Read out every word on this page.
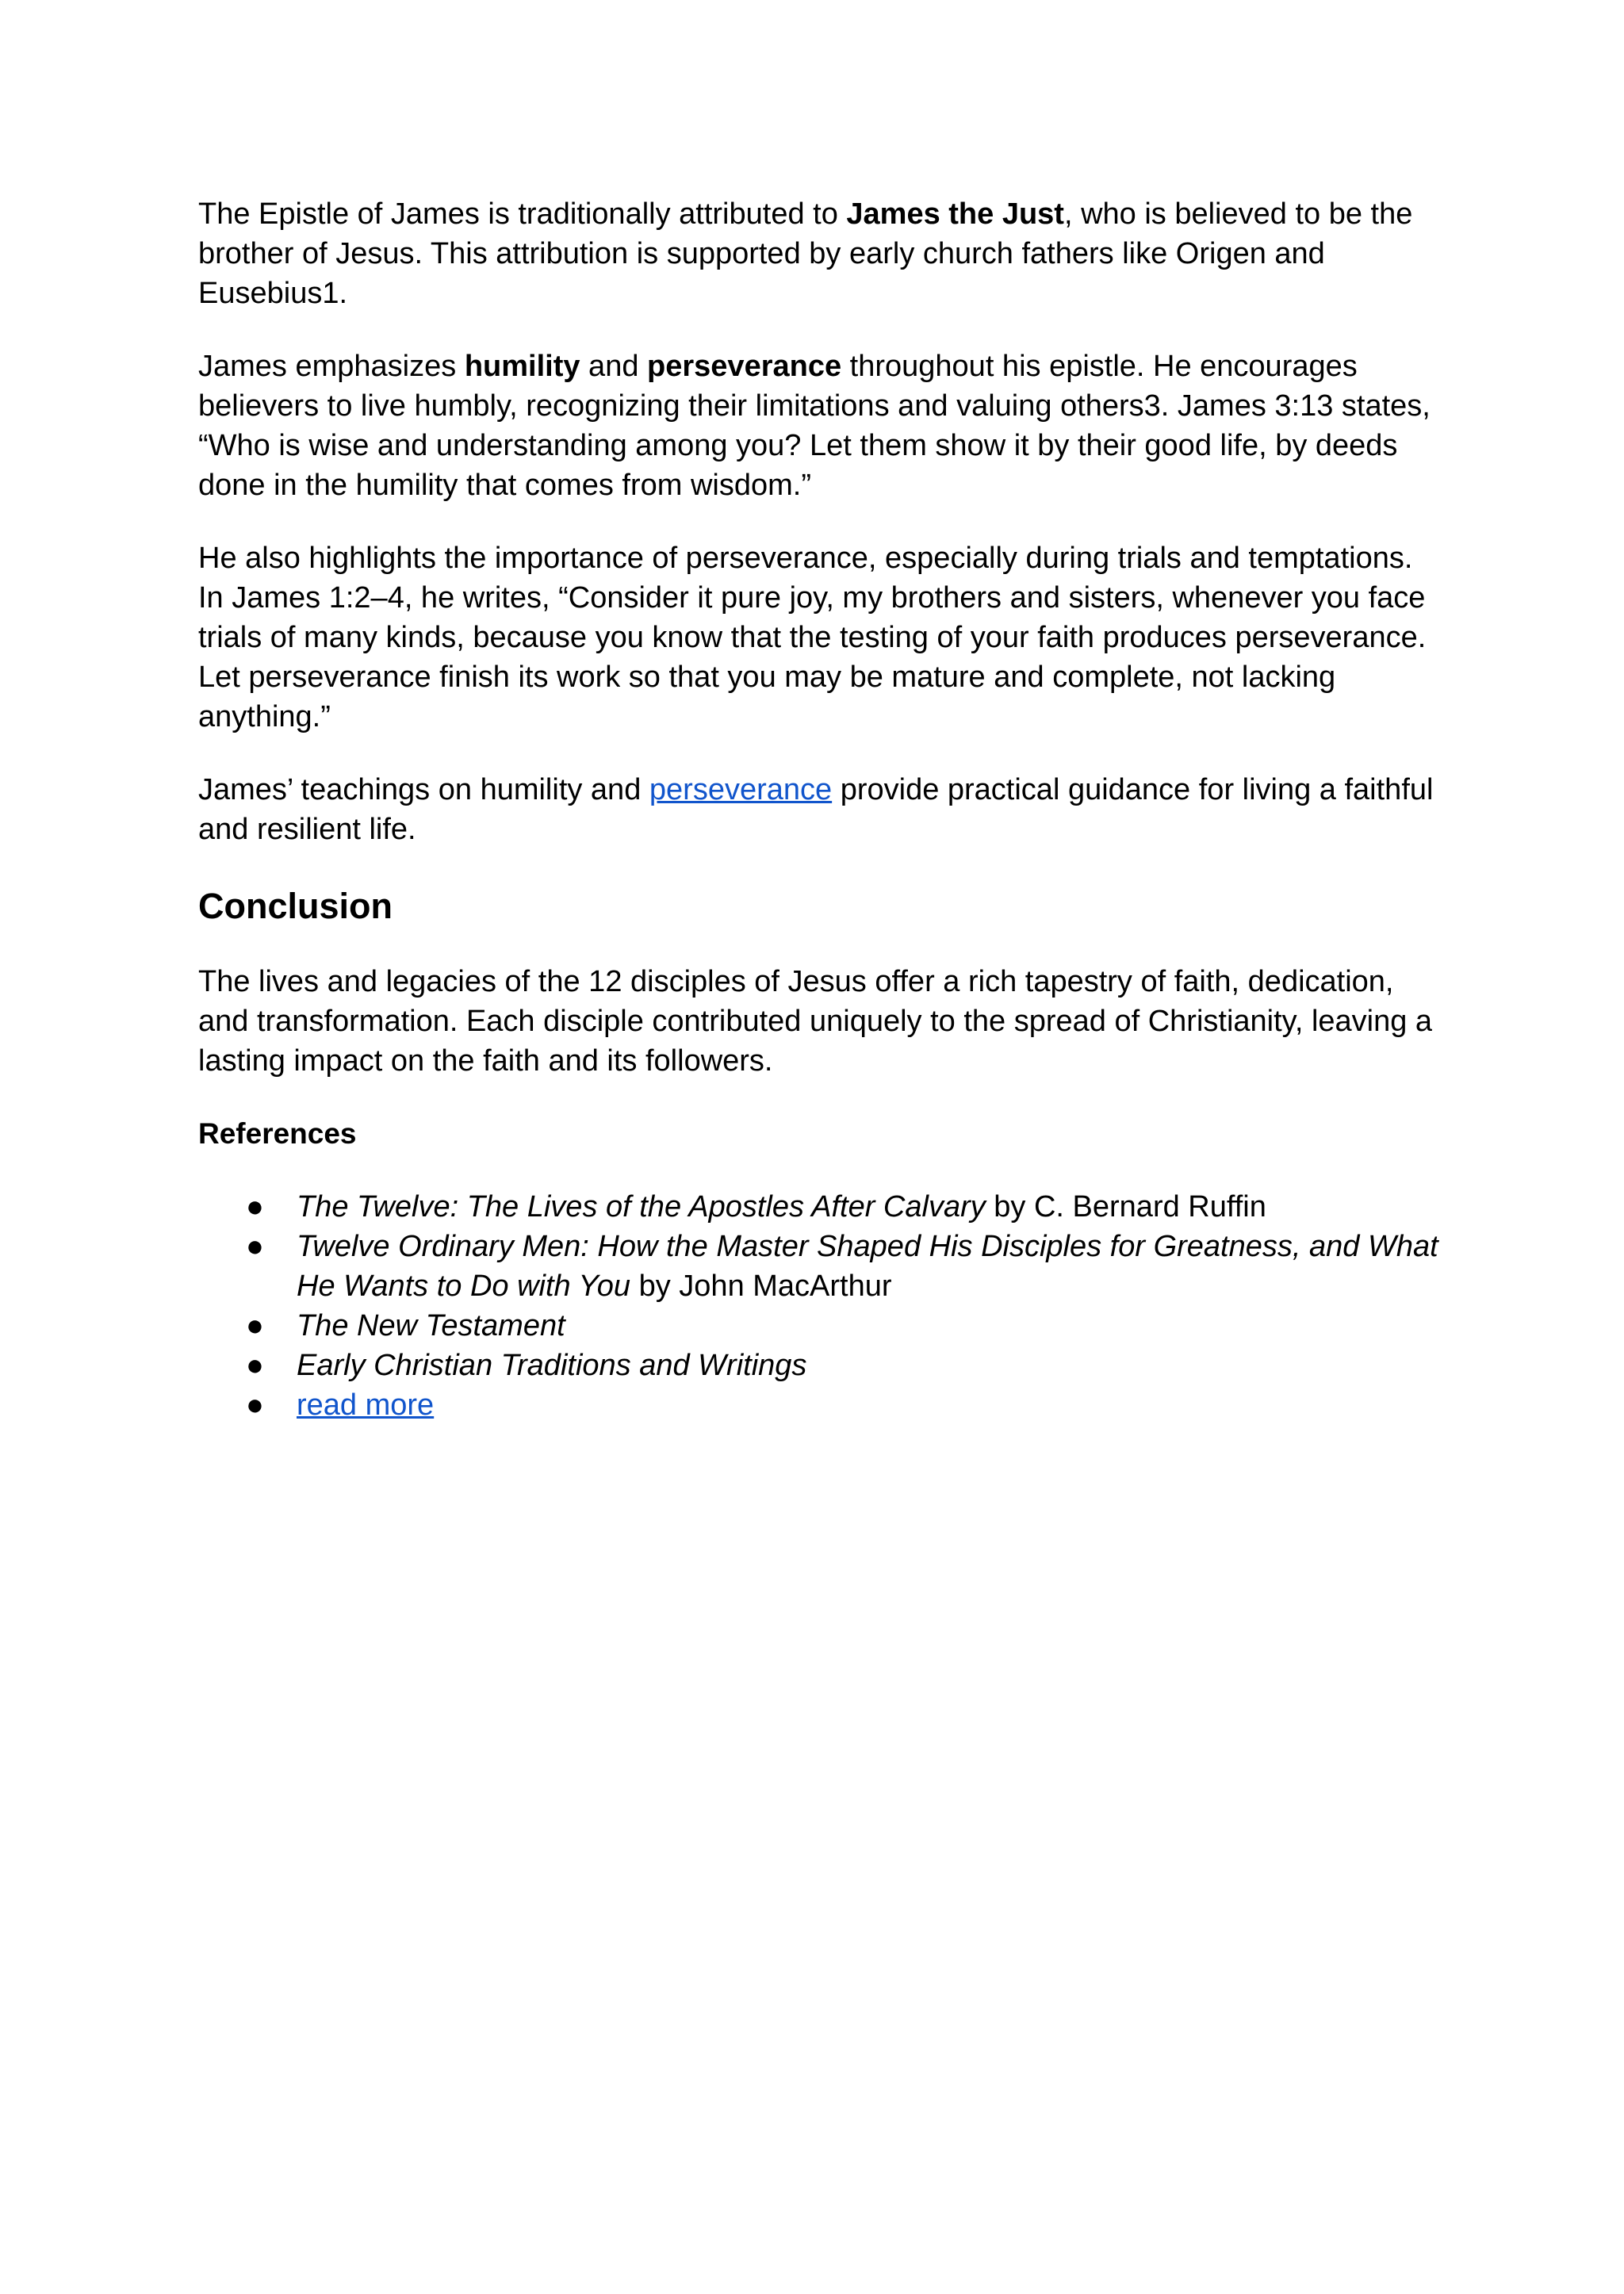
The Epistle of James is traditionally attributed to James the Just, who is believed to be the brother of Jesus. This attribution is supported by early church fathers like Origen and Eusebius1.

James emphasizes humility and perseverance throughout his epistle. He encourages believers to live humbly, recognizing their limitations and valuing others3. James 3:13 states, “Who is wise and understanding among you? Let them show it by their good life, by deeds done in the humility that comes from wisdom.”

He also highlights the importance of perseverance, especially during trials and temptations. In James 1:2–4, he writes, “Consider it pure joy, my brothers and sisters, whenever you face trials of many kinds, because you know that the testing of your faith produces perseverance. Let perseverance finish its work so that you may be mature and complete, not lacking anything.”

James’ teachings on humility and perseverance provide practical guidance for living a faithful and resilient life.

Conclusion

The lives and legacies of the 12 disciples of Jesus offer a rich tapestry of faith, dedication, and transformation. Each disciple contributed uniquely to the spread of Christianity, leaving a lasting impact on the faith and its followers.

References
● The Twelve: The Lives of the Apostles After Calvary by C. Bernard Ruffin
● Twelve Ordinary Men: How the Master Shaped His Disciples for Greatness, and What He Wants to Do with You by John MacArthur
● The New Testament
● Early Christian Traditions and Writings
● read more
